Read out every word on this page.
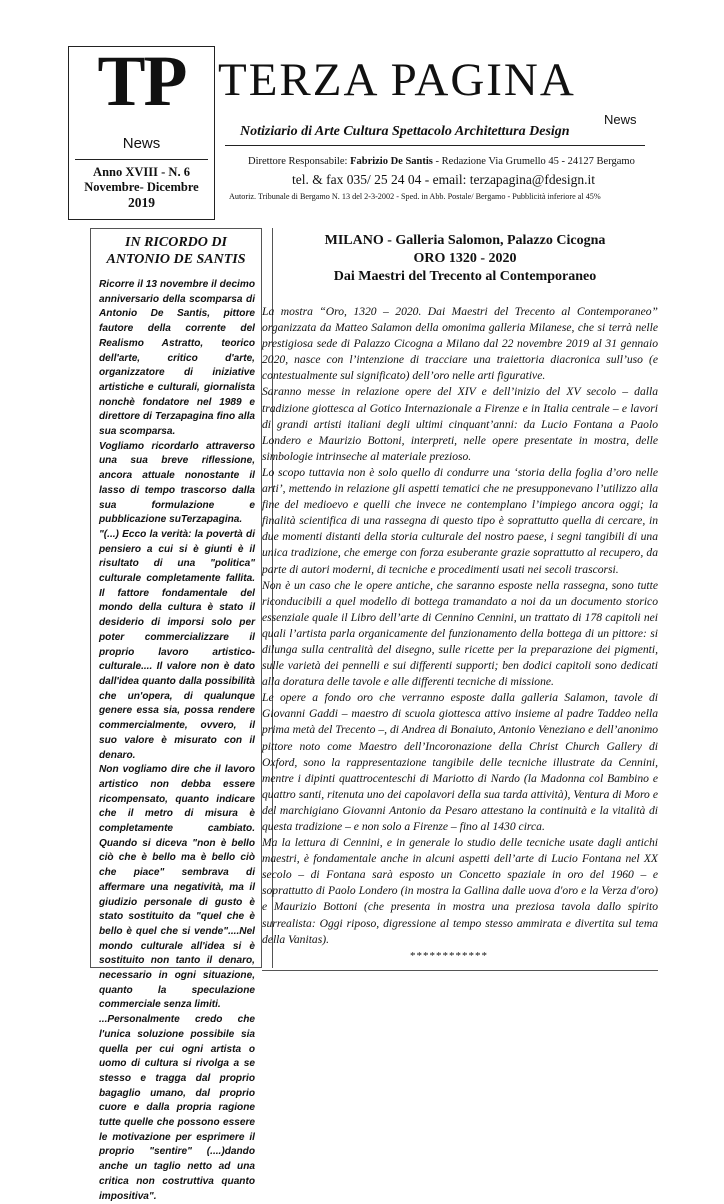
TP
News
Anno XVIII - N. 6
Novembre- Dicembre
2019
TERZA PAGINA
News
Notiziario di Arte Cultura Spettacolo Architettura Design
Direttore Responsabile: Fabrizio De Santis - Redazione Via Grumello 45 - 24127 Bergamo
tel. & fax 035/ 25 24 04 - email: terzapagina@fdesign.it
Autoriz. Tribunale di Bergamo N. 13 del 2-3-2002 - Sped. in Abb. Postale/ Bergamo - Pubblicità inferiore al 45%
IN RICORDO DI
ANTONIO DE SANTIS

Ricorre il 13 novembre il decimo anniversario della scomparsa di Antonio De Santis, pittore fautore della corrente del Realismo Astratto, teorico dell'arte, critico d'arte, organizzatore di iniziative artistiche e culturali, giornalista nonchè fondatore nel 1989 e direttore di Terzapagina fino alla sua scomparsa.

Vogliamo ricordarlo attraverso una sua breve riflessione, ancora attuale nonostante il lasso di tempo trascorso dalla sua formulazione e pubblicazione suTerzapagina.

"(...) Ecco la verità: la povertà di pensiero a cui si è giunti è il risultato di una "politica" culturale completamente fallita. Il fattore fondamentale del mondo della cultura è stato il desiderio di imporsi solo per poter commercializzare il proprio lavoro artistico-culturale.... Il valore non è dato dall'idea quanto dalla possibilità che un'opera, di qualunque genere essa sia, possa rendere commercialmente, ovvero, il suo valore è misurato con il denaro.

Non vogliamo dire che il lavoro artistico non debba essere ricompensato, quanto indicare che il metro di misura è completamente cambiato. Quando si diceva "non è bello ciò che è bello ma è bello ciò che piace" sembrava di affermare una negatività, ma il giudizio personale di gusto è stato sostituito da "quel che è bello è quel che si vende"....Nel mondo culturale all'idea si è sostituito non tanto il denaro, necessario in ogni situazione, quanto la speculazione commerciale senza limiti.

...Personalmente credo che l'unica soluzione possibile sia quella per cui ogni artista o uomo di cultura si rivolga a se stesso e tragga dal proprio bagaglio umano, dal proprio cuore e dalla propria ragione tutte quelle che possono essere le motivazione per esprimere il proprio "sentire" (....)dando anche un taglio netto ad una critica non costruttiva quanto impositiva".

MILANO - Galleria Salomon, Palazzo Cicogna
ORO 1320 - 2020
Dai Maestri del Trecento al Contemporaneo

La mostra “Oro, 1320 – 2020. Dai Maestri del Trecento al Contemporaneo” organizzata da Matteo Salamon della omonima galleria Milanese, che si terrà nelle prestigiosa sede di Palazzo Cicogna a Milano dal 22 novembre 2019 al 31 gennaio 2020, nasce con l’intenzione di tracciare una traiettoria diacronica sull’uso (e contestualmente sul significato) dell’oro nelle arti figurative.

Saranno messe in relazione opere del XIV e dell’inizio del XV secolo – dalla tradizione giottesca al Gotico Internazionale a Firenze e in Italia centrale – e lavori di grandi artisti italiani degli ultimi cinquant’anni: da Lucio Fontana a Paolo Londero e Maurizio Bottoni, interpreti, nelle opere presentate in mostra, delle simbologie intrinseche al materiale prezioso.

Lo scopo tuttavia non è solo quello di condurre una ‘storia della foglia d’oro nelle arti’, mettendo in relazione gli aspetti tematici che ne presupponevano l’utilizzo alla fine del medioevo e quelli che invece ne contemplano l’impiego ancora oggi; la finalità scientifica di una rassegna di questo tipo è soprattutto quella di cercare, in due momenti distanti della storia culturale del nostro paese, i segni tangibili di una unica tradizione, che emerge con forza esuberante grazie soprattutto al recupero, da parte di autori moderni, di tecniche e procedimenti usati nei secoli trascorsi.

Non è un caso che le opere antiche, che saranno esposte nella rassegna, sono tutte riconducibili a quel modello di bottega tramandato a noi da un documento storico essenziale quale il Libro dell’arte di Cennino Cennini, un trattato di 178 capitoli nei quali l’artista parla organicamente del funzionamento della bottega di un pittore: si dilunga sulla centralità del disegno, sulle ricette per la preparazione dei pigmenti, sulle varietà dei pennelli e sui differenti supporti; ben dodici capitoli sono dedicati alla doratura delle tavole e alle differenti tecniche di missione.

Le opere a fondo oro che verranno esposte dalla galleria Salamon, tavole di Giovanni Gaddi – maestro di scuola giottesca attivo insieme al padre Taddeo nella prima metà del Trecento –, di Andrea di Bonaiuto, Antonio Veneziano e dell’anonimo pittore noto come Maestro dell’Incoronazione della Christ Church Gallery di Oxford, sono la rappresentazione tangibile delle tecniche illustrate da Cennini, mentre i dipinti quattrocenteschi di Mariotto di Nardo (la Madonna col Bambino e quattro santi, ritenuta uno dei capolavori della sua tarda attività), Ventura di Moro e del marchigiano Giovanni Antonio da Pesaro attestano la continuità e la vitalità di questa tradizione – e non solo a Firenze – fino al 1430 circa.

Ma la lettura di Cennini, e in generale lo studio delle tecniche usate dagli antichi maestri, è fondamentale anche in alcuni aspetti dell’arte di Lucio Fontana nel XX secolo – di Fontana sarà esposto un Concetto spaziale in oro del 1960 – e soprattutto di Paolo Londero (in mostra la Gallina dalle uova d'oro e la Verza d'oro) e Maurizio Bottoni (che presenta in mostra una preziosa tavola dallo spirito surrealista: Oggi riposo, digressione al tempo stesso ammirata e divertita sul tema della Vanitas).

************
